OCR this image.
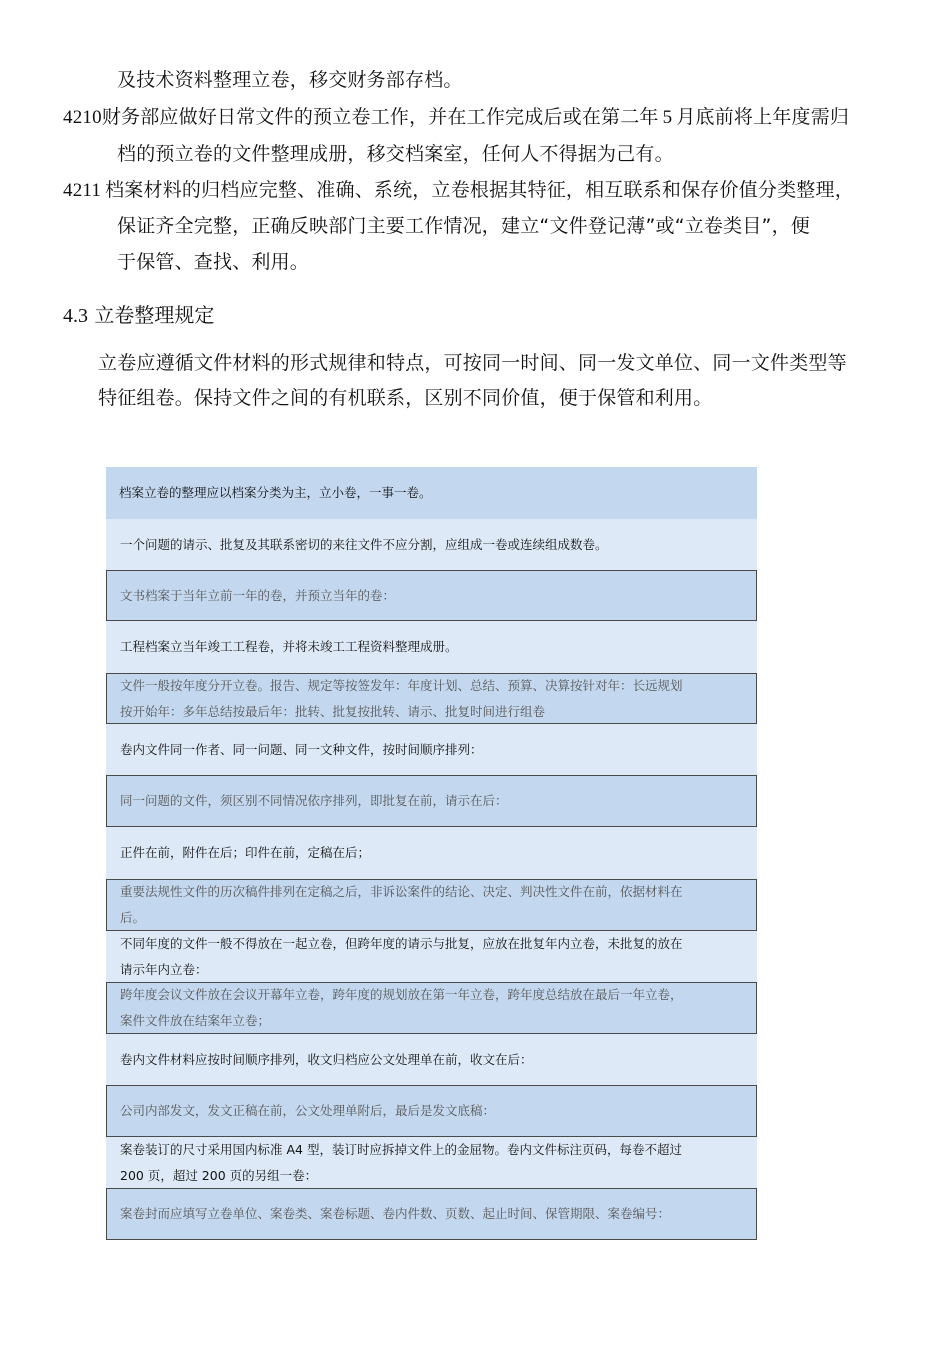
及技术资料整理立卷，移交财务部存档。
4210财务部应做好日常文件的预立卷工作，并在工作完成后或在第二年 5 月底前将上年度需归
档的预立卷的文件整理成册，移交档案室，任何人不得据为己有。
4211 档案材料的归档应完整、准确、系统，立卷根据其特征，相互联系和保存价值分类整理，
保证齐全完整，正确反映部门主要工作情况，建立“文件登记薄”或“立卷类目”，便
于保管、查找、利用。
4.3 立卷整理规定
立卷应遵循文件材料的形式规律和特点，可按同一时间、同一发文单位、同一文件类型等
特征组卷。保持文件之间的有机联系，区别不同价值，便于保管和利用。
档案立卷的整理应以档案分类为主，立小卷，一事一卷。
一个问题的请示、批复及其联系密切的来往文件不应分割，应组成一卷或连续组成数卷。
文书档案于当年立前一年的卷，并预立当年的卷：
工程档案立当年竣工工程卷，并将未竣工工程资料整理成册。
文件一般按年度分开立卷。报告、规定等按签发年：年度计划、总结、预算、决算按针对年：长远规划
按开始年：多年总结按最后年：批转、批复按批转、请示、批复时间进行组卷
卷内文件同一作者、同一问题、同一文种文件，按时间顺序排列：
同一问题的文件，须区别不同情况依序排列，即批复在前，请示在后：
正件在前，附件在后；印件在前，定稿在后；
重要法规性文件的历次稿件排列在定稿之后，非诉讼案件的结论、决定、判决性文件在前，依据材料在
后。
不同年度的文件一般不得放在一起立卷，但跨年度的请示与批复，应放在批复年内立卷，未批复的放在
请示年内立卷：
跨年度会议文件放在会议开幕年立卷，跨年度的规划放在第一年立卷，跨年度总结放在最后一年立卷，
案件文件放在结案年立卷；
卷内文件材料应按时间顺序排列，收文归档应公文处理单在前，收文在后：
公司内部发文，发文正稿在前，公文处理单附后，最后是发文底稿：
案卷装订的尺寸采用国内标准 A4 型，装订时应拆掉文件上的金屈物。卷内文件标注页码，每卷不超过
200 页，超过 200 页的另组一卷：
案卷封而应填写立卷单位、案卷类、案卷标题、卷内件数、页数、起止时间、保管期限、案卷编号：
